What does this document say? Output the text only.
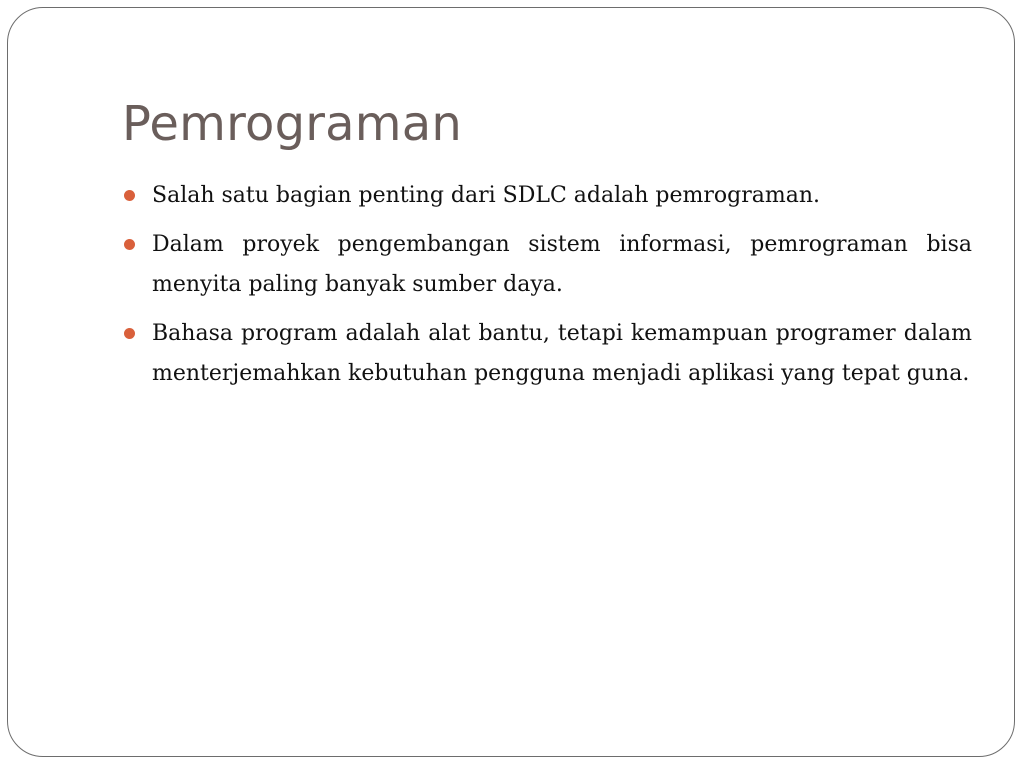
Pemrograman
Salah satu bagian penting dari SDLC adalah pemrograman.
Dalam proyek pengembangan sistem informasi, pemrograman bisa menyita paling banyak sumber daya.
Bahasa program adalah alat bantu, tetapi kemampuan programer dalam menterjemahkan kebutuhan pengguna menjadi aplikasi yang tepat guna.
